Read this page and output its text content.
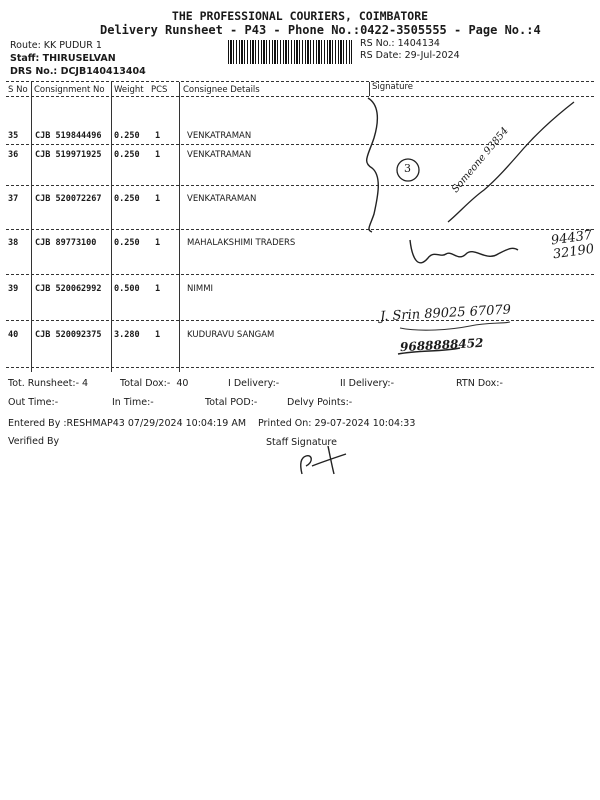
THE PROFESSIONAL COURIERS, COIMBATORE
Delivery Runsheet - P43 - Phone No.:0422-3505555 - Page No.:4
Route: KK PUDUR 1
Staff: THIRUSELVAN
DRS No.: DCJB140413404
RS No.: 1404134
RS Date: 29-Jul-2024
S No Consignment No Weight PCS Consignee Details	Signature
35 CJB 519844496 0.250 1	VENKATRAMAN
36 CJB 519971925 0.250 1	VENKATRAMAN
37 CJB 520072267 0.250 1	VENKATARAMAN
38 CJB 89773100 0.250 1	MAHALAKSHIMI TRADERS
39 CJB 520062992 0.500 1	NIMMI
40 CJB 520092375 3.280 1	KUDURAVU SANGAM
3	Someone 93854
94437 32190
J. Srin 89025 67079
9688888452
Tot. Runsheet:- 4	Total Dox:-  40	I Delivery:-	II Delivery:-	RTN Dox:-
Out Time:-	In Time:-	Total POD:-	Delvy Points:-
Entered By :RESHMAP43 07/29/2024 10:04:19 AM Printed On: 29-07-2024 10:04:33
Verified By	Staff Signature
